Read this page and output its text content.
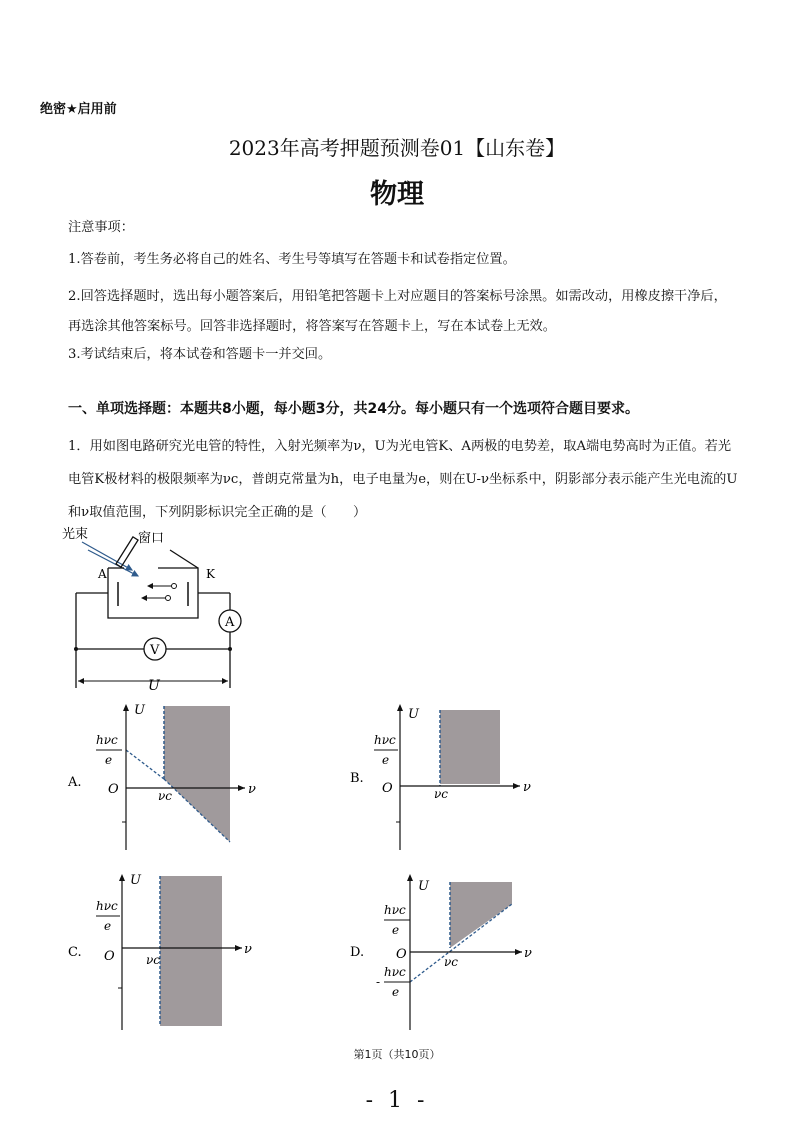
绝密★启用前
2023年高考押题预测卷01【山东卷】
物理
注意事项：
1.答卷前，考生务必将自己的姓名、考生号等填写在答题卡和试卷指定位置。
2.回答选择题时，选出每小题答案后，用铅笔把答题卡上对应题目的答案标号涂黑。如需改动，用橡皮擦干净后，再选涂其他答案标号。回答非选择题时，将答案写在答题卡上，写在本试卷上无效。
3.考试结束后，将本试卷和答题卡一并交回。
一、单项选择题：本题共8小题，每小题3分，共24分。每小题只有一个选项符合题目要求。
1．用如图电路研究光电管的特性，入射光频率为ν，U为光电管K、A两极的电势差，取A端电势高时为正值。若光电管K极材料的极限频率为νc，普朗克常量为h，电子电量为e，则在U-ν坐标系中，阴影部分表示能产生光电流的U和ν取值范围，下列阴影标识完全正确的是（　　）
光束	窗口
A	K
A
V
U
U
ν
O	νc
hνc
e
A.
U
ν
O	νc
hνc
e
B.
U
ν
O	νc
hνc
e
C.
U
ν
O	νc
hνc
e
-
hνc
e
D.
第1页（共10页）
- 1 -
